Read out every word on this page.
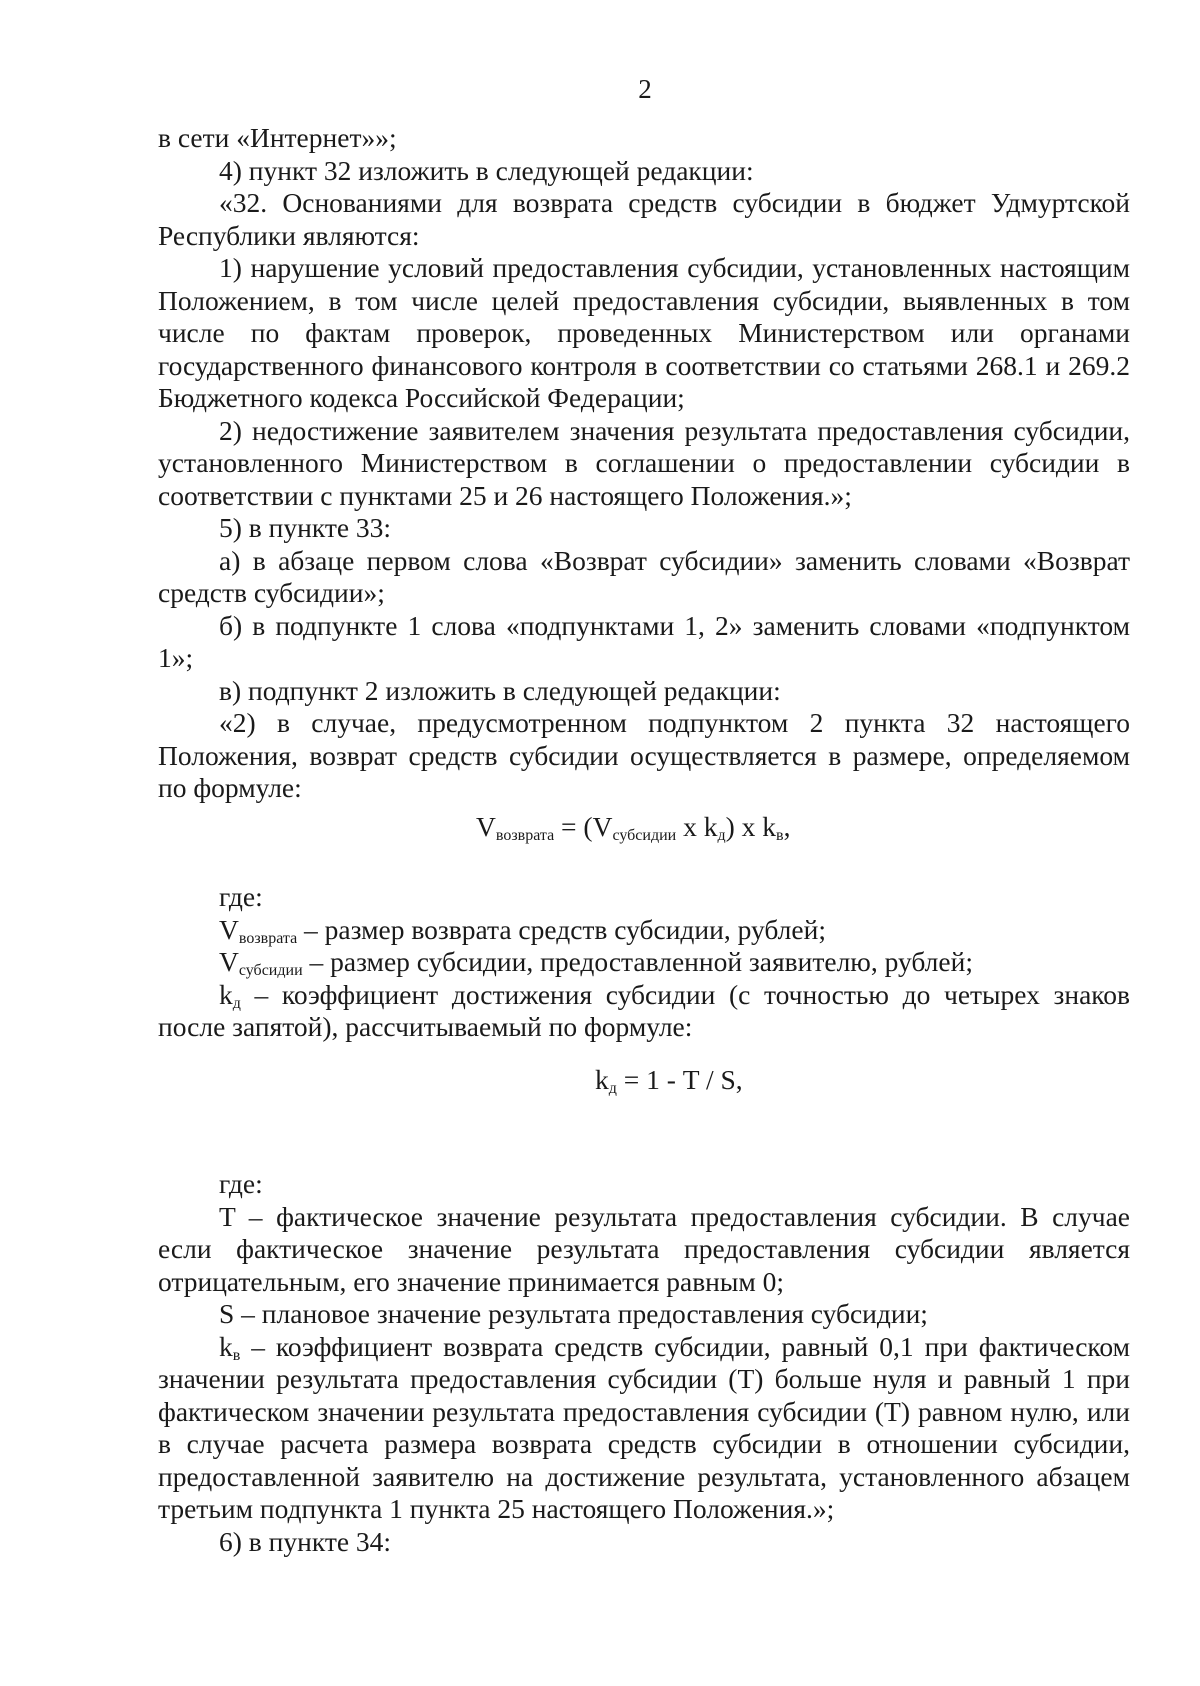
2

в сети «Интернет»»;

4) пункт 32 изложить в следующей редакции:

«32. Основаниями для возврата средств субсидии в бюджет Удмуртской Республики являются:

1) нарушение условий предоставления субсидии, установленных настоящим Положением, в том числе целей предоставления субсидии, выявленных в том числе по фактам проверок, проведенных Министерством или органами государственного финансового контроля в соответствии со статьями 268.1 и 269.2 Бюджетного кодекса Российской Федерации;

2) недостижение заявителем значения результата предоставления субсидии, установленного Министерством в соглашении о предоставлении субсидии в соответствии с пунктами 25 и 26 настоящего Положения.»;

5) в пункте 33:

а) в абзаце первом слова «Возврат субсидии» заменить словами «Возврат средств субсидии»;

б) в подпункте 1 слова «подпунктами 1, 2» заменить словами «подпунктом 1»;

в) подпункт 2 изложить в следующей редакции:

«2) в случае, предусмотренном подпунктом 2 пункта 32 настоящего Положения, возврат средств субсидии осуществляется в размере, определяемом по формуле:

$V_{возврата} = (V_{субсидии}$ x $k_д$) x $k_в$,

где:

$V_{возврата}$ – размер возврата средств субсидии, рублей;

$V_{субсидии}$ – размер субсидии, предоставленной заявителю, рублей;

$k_д$ – коэффициент достижения субсидии (с точностью до четырех знаков после запятой), рассчитываемый по формуле:

$k_д = 1 - T / S$,

где:

T – фактическое значение результата предоставления субсидии. В случае если фактическое значение результата предоставления субсидии является отрицательным, его значение принимается равным 0;

S – плановое значение результата предоставления субсидии;

$k_в$ – коэффициент возврата средств субсидии, равный 0,1 при фактическом значении результата предоставления субсидии (T) больше нуля и равный 1 при фактическом значении результата предоставления субсидии (T) равном нулю, или в случае расчета размера возврата средств субсидии в отношении субсидии, предоставленной заявителю на достижение результата, установленного абзацем третьим подпункта 1 пункта 25 настоящего Положения.»;

6) в пункте 34:
